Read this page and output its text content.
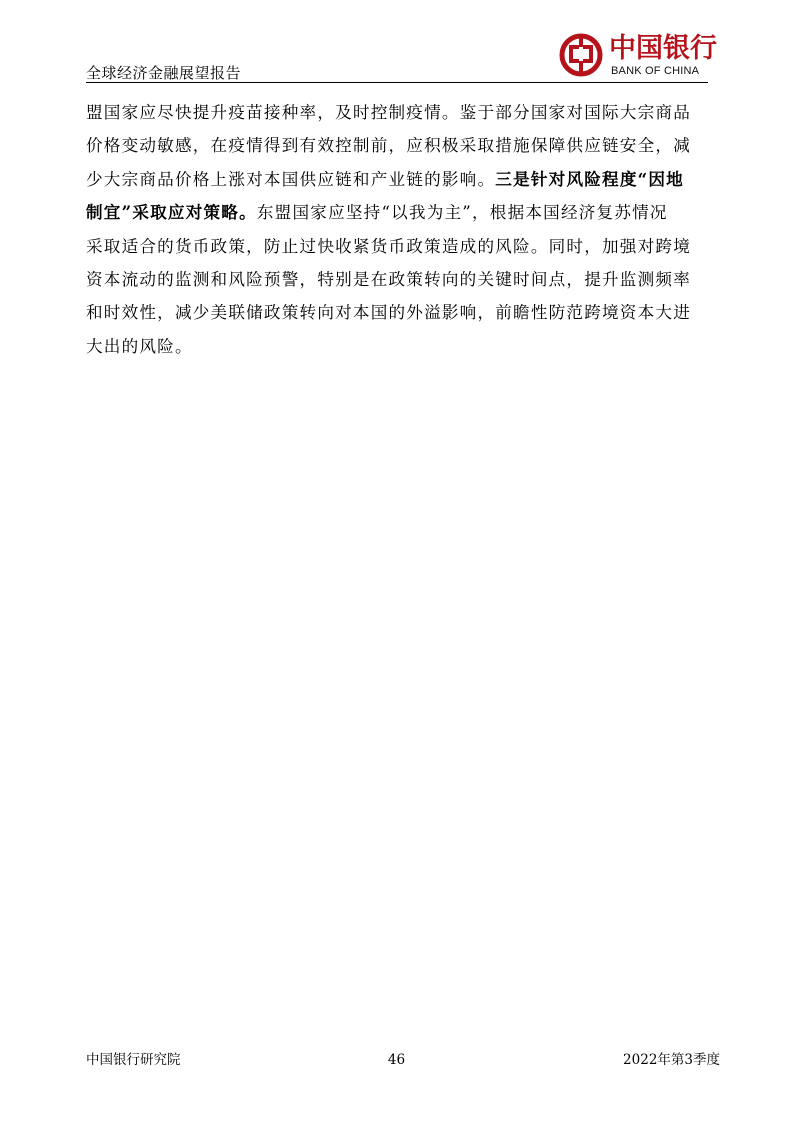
全球经济金融展望报告
中国银行
BANK OF CHINA
盟国家应尽快提升疫苗接种率，及时控制疫情。鉴于部分国家对国际大宗商品
价格变动敏感，在疫情得到有效控制前，应积极采取措施保障供应链安全，减
少大宗商品价格上涨对本国供应链和产业链的影响。三是针对风险程度“因地
制宜”采取应对策略。东盟国家应坚持“以我为主”，根据本国经济复苏情况
采取适合的货币政策，防止过快收紧货币政策造成的风险。同时，加强对跨境
资本流动的监测和风险预警，特别是在政策转向的关键时间点，提升监测频率
和时效性，减少美联储政策转向对本国的外溢影响，前瞻性防范跨境资本大进
大出的风险。
中国银行研究院	46	2022年第3季度
